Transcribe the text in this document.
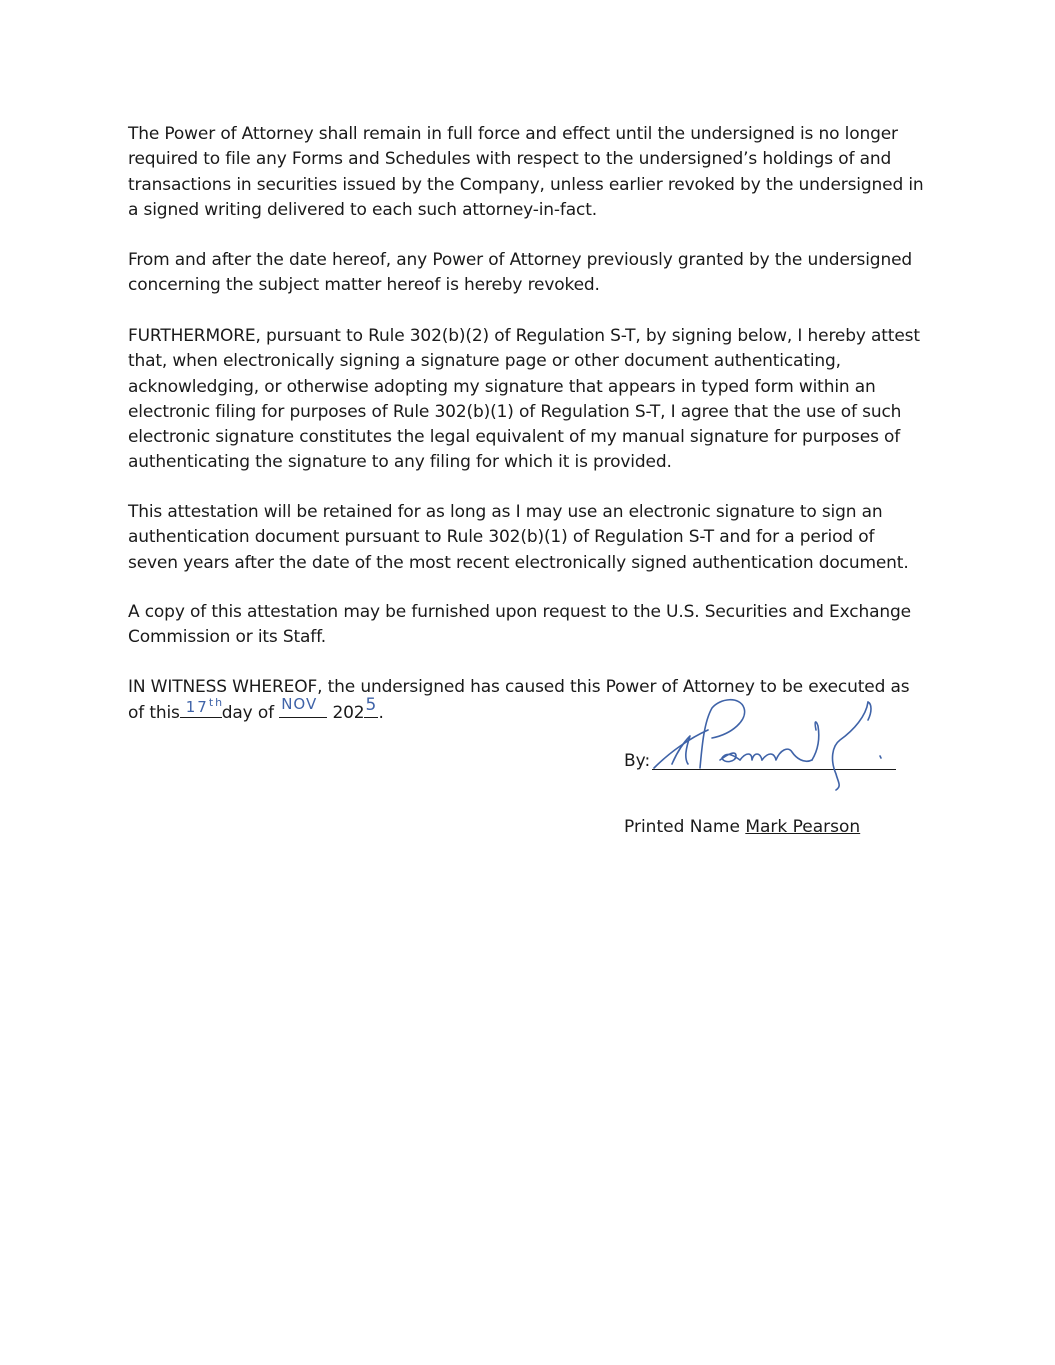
The Power of Attorney shall remain in full force and effect until the undersigned is no longer required to file any Forms and Schedules with respect to the undersigned’s holdings of and transactions in securities issued by the Company, unless earlier revoked by the undersigned in a signed writing delivered to each such attorney-in-fact.

From and after the date hereof, any Power of Attorney previously granted by the undersigned concerning the subject matter hereof is hereby revoked.

FURTHERMORE, pursuant to Rule 302(b)(2) of Regulation S-T, by signing below, I hereby attest that, when electronically signing a signature page or other document authenticating, acknowledging, or otherwise adopting my signature that appears in typed form within an electronic filing for purposes of Rule 302(b)(1) of Regulation S-T, I agree that the use of such electronic signature constitutes the legal equivalent of my manual signature for purposes of authenticating the signature to any filing for which it is provided.

This attestation will be retained for as long as I may use an electronic signature to sign an authentication document pursuant to Rule 302(b)(1) of Regulation S-T and for a period of seven years after the date of the most recent electronically signed authentication document.

A copy of this attestation may be furnished upon request to the U.S. Securities and Exchange Commission or its Staff.

IN WITNESS WHEREOF, the undersigned has caused this Power of Attorney to be executed as
of this 17th
day of NOV 202 5 .

By:
Printed Name Mark Pearson
